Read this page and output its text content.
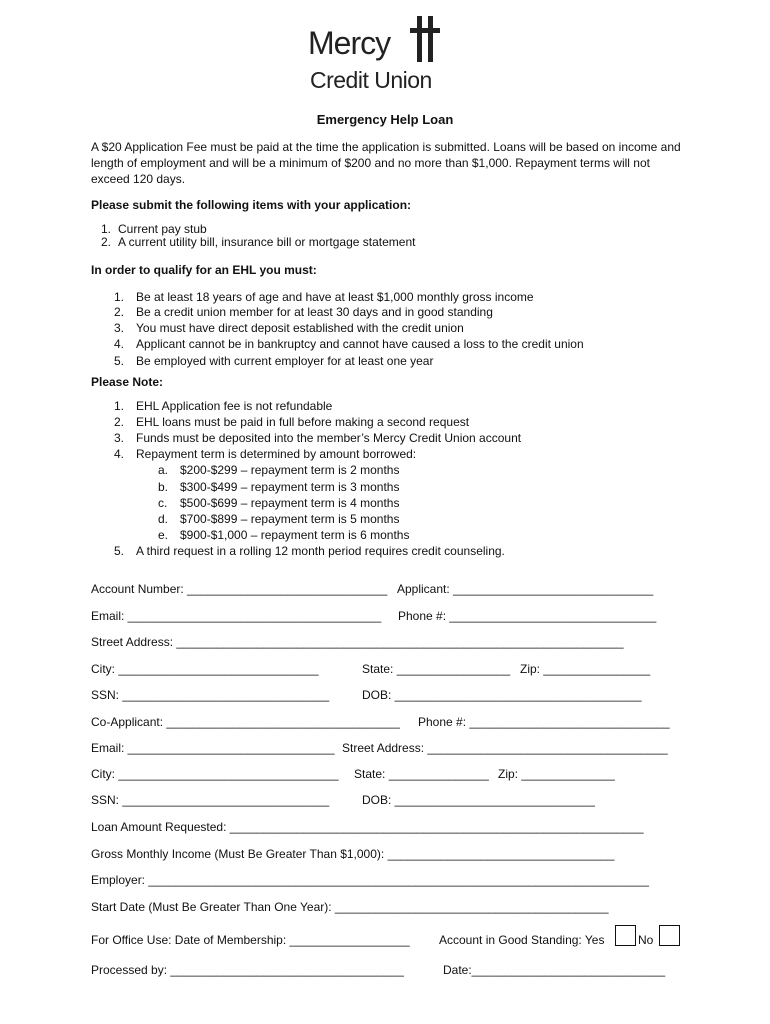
Mercy
Credit Union
Emergency Help Loan
A $20 Application Fee must be paid at the time the application is submitted. Loans will be based on income and length of employment and will be a minimum of $200 and no more than $1,000. Repayment terms will not exceed 120 days.
Please submit the following items with your application:
1. Current pay stub
2. A current utility bill, insurance bill or mortgage statement
In order to qualify for an EHL you must:
1. Be at least 18 years of age and have at least $1,000 monthly gross income
2. Be a credit union member for at least 30 days and in good standing
3. You must have direct deposit established with the credit union
4. Applicant cannot be in bankruptcy and cannot have caused a loss to the credit union
5. Be employed with current employer for at least one year
Please Note:
1. EHL Application fee is not refundable
2. EHL loans must be paid in full before making a second request
3. Funds must be deposited into the member’s Mercy Credit Union account
4. Repayment term is determined by amount borrowed:
a. $200-$299 – repayment term is 2 months
b. $300-$499 – repayment term is 3 months
c. $500-$699 – repayment term is 4 months
d. $700-$899 – repayment term is 5 months
e. $900-$1,000 – repayment term is 6 months
5. A third request in a rolling 12 month period requires credit counseling.
Account Number: ______________________________ Applicant: ______________________________
Email: ______________________________________ Phone #: _______________________________
Street Address: ___________________________________________________________________
City: ______________________________	State: _________________ Zip: ________________
SSN: _______________________________	DOB: _____________________________________
Co-Applicant: ___________________________________ Phone #: ______________________________
Email: _______________________________ Street Address: ____________________________________
City: _________________________________ State: _______________ Zip: ______________
SSN: _______________________________	DOB: ______________________________
Loan Amount Requested: ______________________________________________________________
Gross Monthly Income (Must Be Greater Than $1,000): __________________________________
Employer: ___________________________________________________________________________
Start Date (Must Be Greater Than One Year): _________________________________________
For Office Use: Date of Membership: __________________ Account in Good Standing: Yes	No
Processed by: ___________________________________	Date:_____________________________
